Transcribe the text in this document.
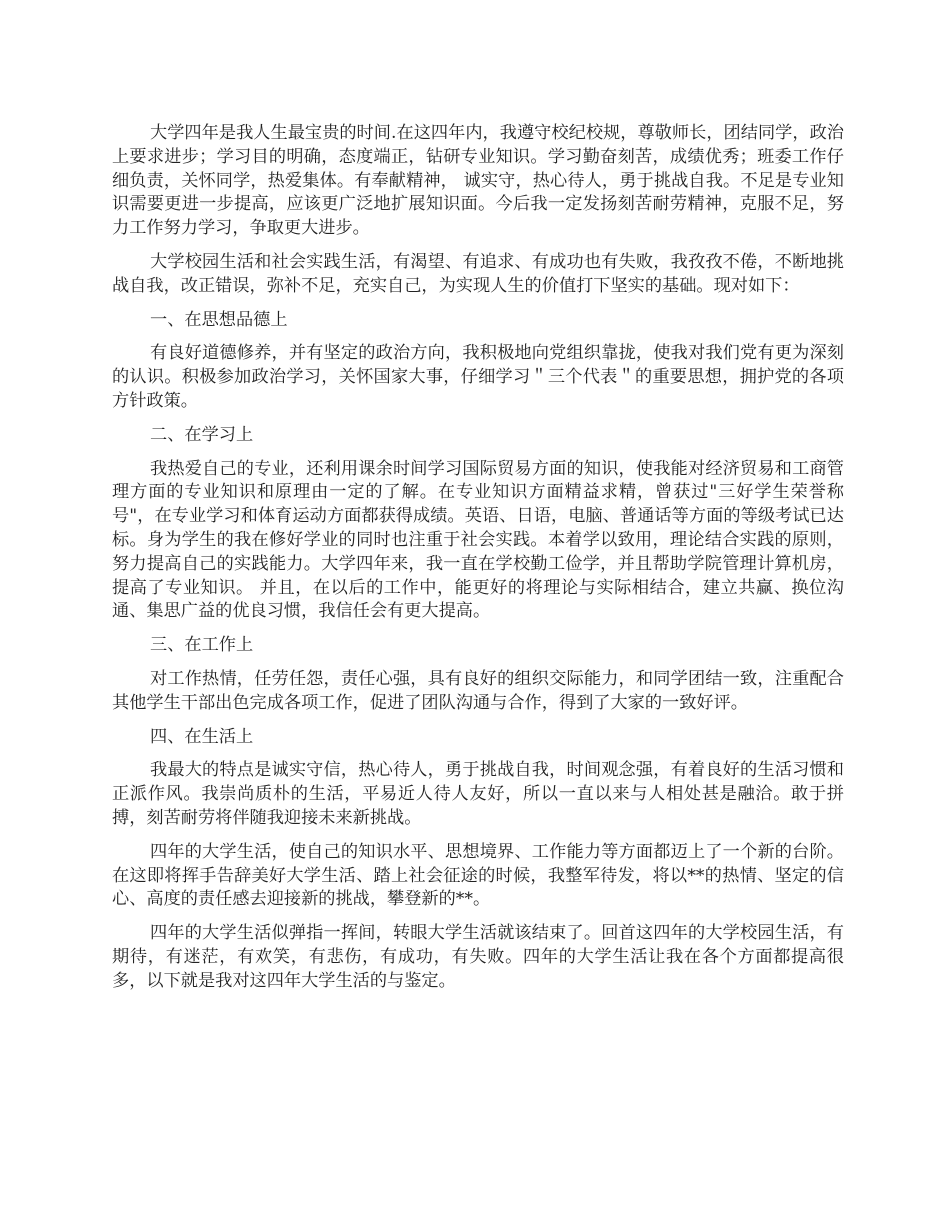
大学四年是我人生最宝贵的时间.在这四年内，我遵守校纪校规，尊敬师长，团结同学，政治上要求进步；学习目的明确，态度端正，钻研专业知识。学习勤奋刻苦，成绩优秀；班委工作仔细负责，关怀同学，热爱集体。有奉献精神， 诚实守，热心待人，勇于挑战自我。不足是专业知识需要更进一步提高，应该更广泛地扩展知识面。今后我一定发扬刻苦耐劳精神，克服不足，努力工作努力学习，争取更大进步。

大学校园生活和社会实践生活，有渴望、有追求、有成功也有失败，我孜孜不倦，不断地挑战自我，改正错误，弥补不足，充实自己，为实现人生的价值打下坚实的基础。现对如下：

一、在思想品德上

有良好道德修养，并有坚定的政治方向，我积极地向党组织靠拢，使我对我们党有更为深刻的认识。积极参加政治学习，关怀国家大事，仔细学习＂三个代表＂的重要思想，拥护党的各项方针政策。

二、在学习上

我热爱自己的专业，还利用课余时间学习国际贸易方面的知识，使我能对经济贸易和工商管理方面的专业知识和原理由一定的了解。在专业知识方面精益求精，曾获过"三好学生荣誉称号"，在专业学习和体育运动方面都获得成绩。英语、日语，电脑、普通话等方面的等级考试已达标。身为学生的我在修好学业的同时也注重于社会实践。本着学以致用，理论结合实践的原则，努力提高自己的实践能力。大学四年来，我一直在学校勤工俭学，并且帮助学院管理计算机房，提高了专业知识。 并且，在以后的工作中，能更好的将理论与实际相结合，建立共赢、换位沟通、集思广益的优良习惯，我信任会有更大提高。

三、在工作上

对工作热情，任劳任怨，责任心强，具有良好的组织交际能力，和同学团结一致，注重配合其他学生干部出色完成各项工作，促进了团队沟通与合作，得到了大家的一致好评。

四、在生活上

我最大的特点是诚实守信，热心待人，勇于挑战自我，时间观念强，有着良好的生活习惯和正派作风。我崇尚质朴的生活，平易近人待人友好，所以一直以来与人相处甚是融洽。敢于拼搏，刻苦耐劳将伴随我迎接未来新挑战。

四年的大学生活，使自己的知识水平、思想境界、工作能力等方面都迈上了一个新的台阶。在这即将挥手告辞美好大学生活、踏上社会征途的时候，我整军待发，将以**的热情、坚定的信心、高度的责任感去迎接新的挑战，攀登新的**。

四年的大学生活似弹指一挥间，转眼大学生活就该结束了。回首这四年的大学校园生活，有期待，有迷茫，有欢笑，有悲伤，有成功，有失败。四年的大学生活让我在各个方面都提高很多，以下就是我对这四年大学生活的与鉴定。
